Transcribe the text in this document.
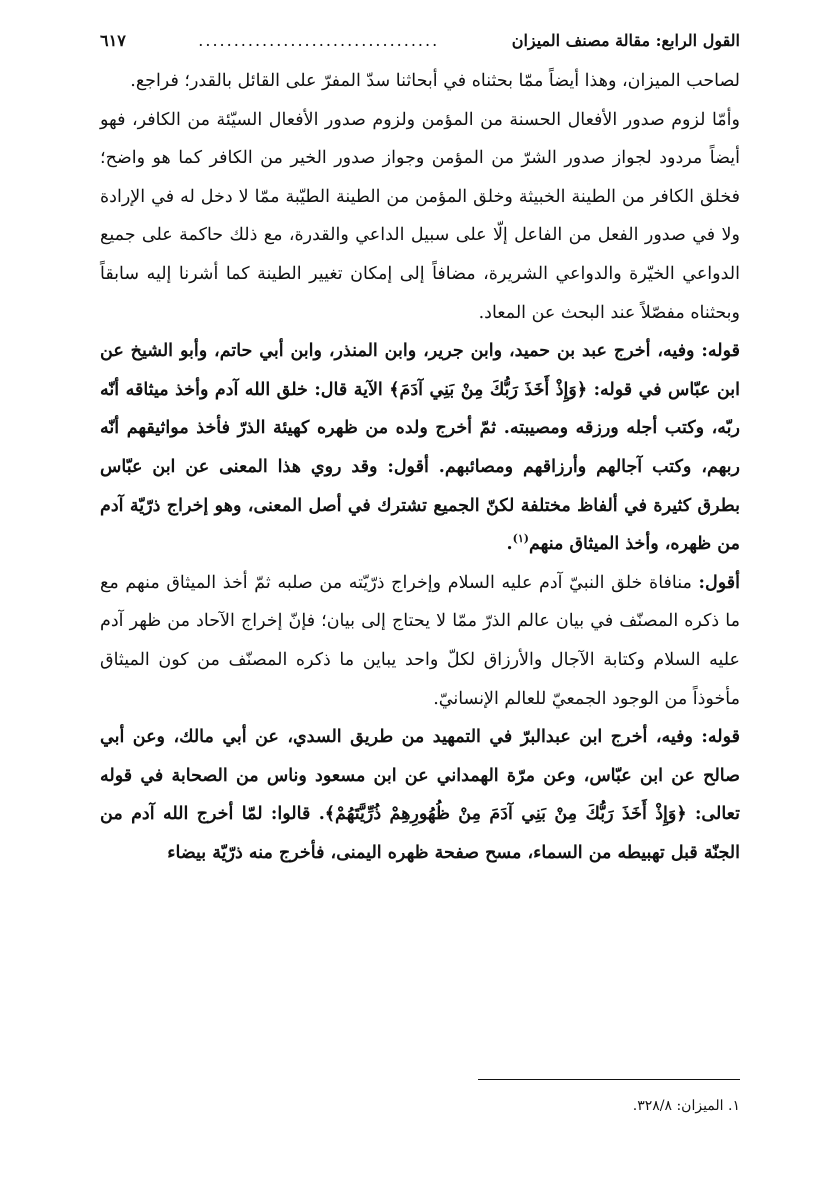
القول الرابع: مقالة مصنف الميزان
..................................
٦١٧

لصاحب الميزان، وهذا أيضاً ممّا بحثناه في أبحاثنا سدّ المفرّ على القائل بالقدر؛ فراجع.

وأمّا لزوم صدور الأفعال الحسنة من المؤمن ولزوم صدور الأفعال السيّئة من الكافر، فهو أيضاً مردود لجواز صدور الشرّ من المؤمن وجواز صدور الخير من الكافر كما هو واضح؛ فخلق الكافر من الطينة الخبيثة وخلق المؤمن من الطينة الطيّبة ممّا لا دخل له في الإرادة ولا في صدور الفعل من الفاعل إلّا على سبيل الداعي والقدرة، مع ذلك حاكمة على جميع الدواعي الخيّرة والدواعي الشريرة، مضافاً إلى إمكان تغيير الطينة كما أشرنا إليه سابقاً وبحثناه مفصّلاً عند البحث عن المعاد.

قوله: وفيه، أخرج عبد بن حميد، وابن جرير، وابن المنذر، وابن أبي حاتم، وأبو الشيخ عن ابن عبّاس في قوله: ﴿وَإِذْ أَخَذَ رَبُّكَ مِنْ بَنِي آدَمَ﴾ الآية قال: خلق الله آدم وأخذ ميثاقه أنّه ربّه، وكتب أجله ورزقه ومصيبته. ثمّ أخرج ولده من ظهره كهيئة الذرّ فأخذ مواثيقهم أنّه ربهم، وكتب آجالهم وأرزاقهم ومصائبهم. أقول: وقد روي هذا المعنى عن ابن عبّاس بطرق كثيرة في ألفاظ مختلفة لكنّ الجميع تشترك في أصل المعنى، وهو إخراج ذرّيّة آدم من ظهره، وأخذ الميثاق منهم$^{(١)}$.

أقول: منافاة خلق النبيّ آدم عليه السلام وإخراج ذرّيّته من صلبه ثمّ أخذ الميثاق منهم مع ما ذكره المصنّف في بيان عالم الذرّ ممّا لا يحتاج إلى بيان؛ فإنّ إخراج الآحاد من ظهر آدم عليه السلام وكتابة الآجال والأرزاق لكلّ واحد يباين ما ذكره المصنّف من كون الميثاق مأخوذاً من الوجود الجمعيّ للعالم الإنسانيّ.

قوله: وفيه، أخرج ابن عبدالبرّ في التمهيد من طريق السدي، عن أبي مالك، وعن أبي صالح عن ابن عبّاس، وعن مرّة الهمداني عن ابن مسعود وناس من الصحابة في قوله تعالى: ﴿وَإِذْ أَخَذَ رَبُّكَ مِنْ بَنِي آدَمَ مِنْ ظُهُورِهِمْ ذُرِّيَّتَهُمْ﴾. قالوا: لمّا أخرج الله آدم من الجنّة قبل تهبيطه من السماء، مسح صفحة ظهره اليمنى، فأخرج منه ذرّيّة بيضاء

١. الميزان: ٣٢٨/٨.
